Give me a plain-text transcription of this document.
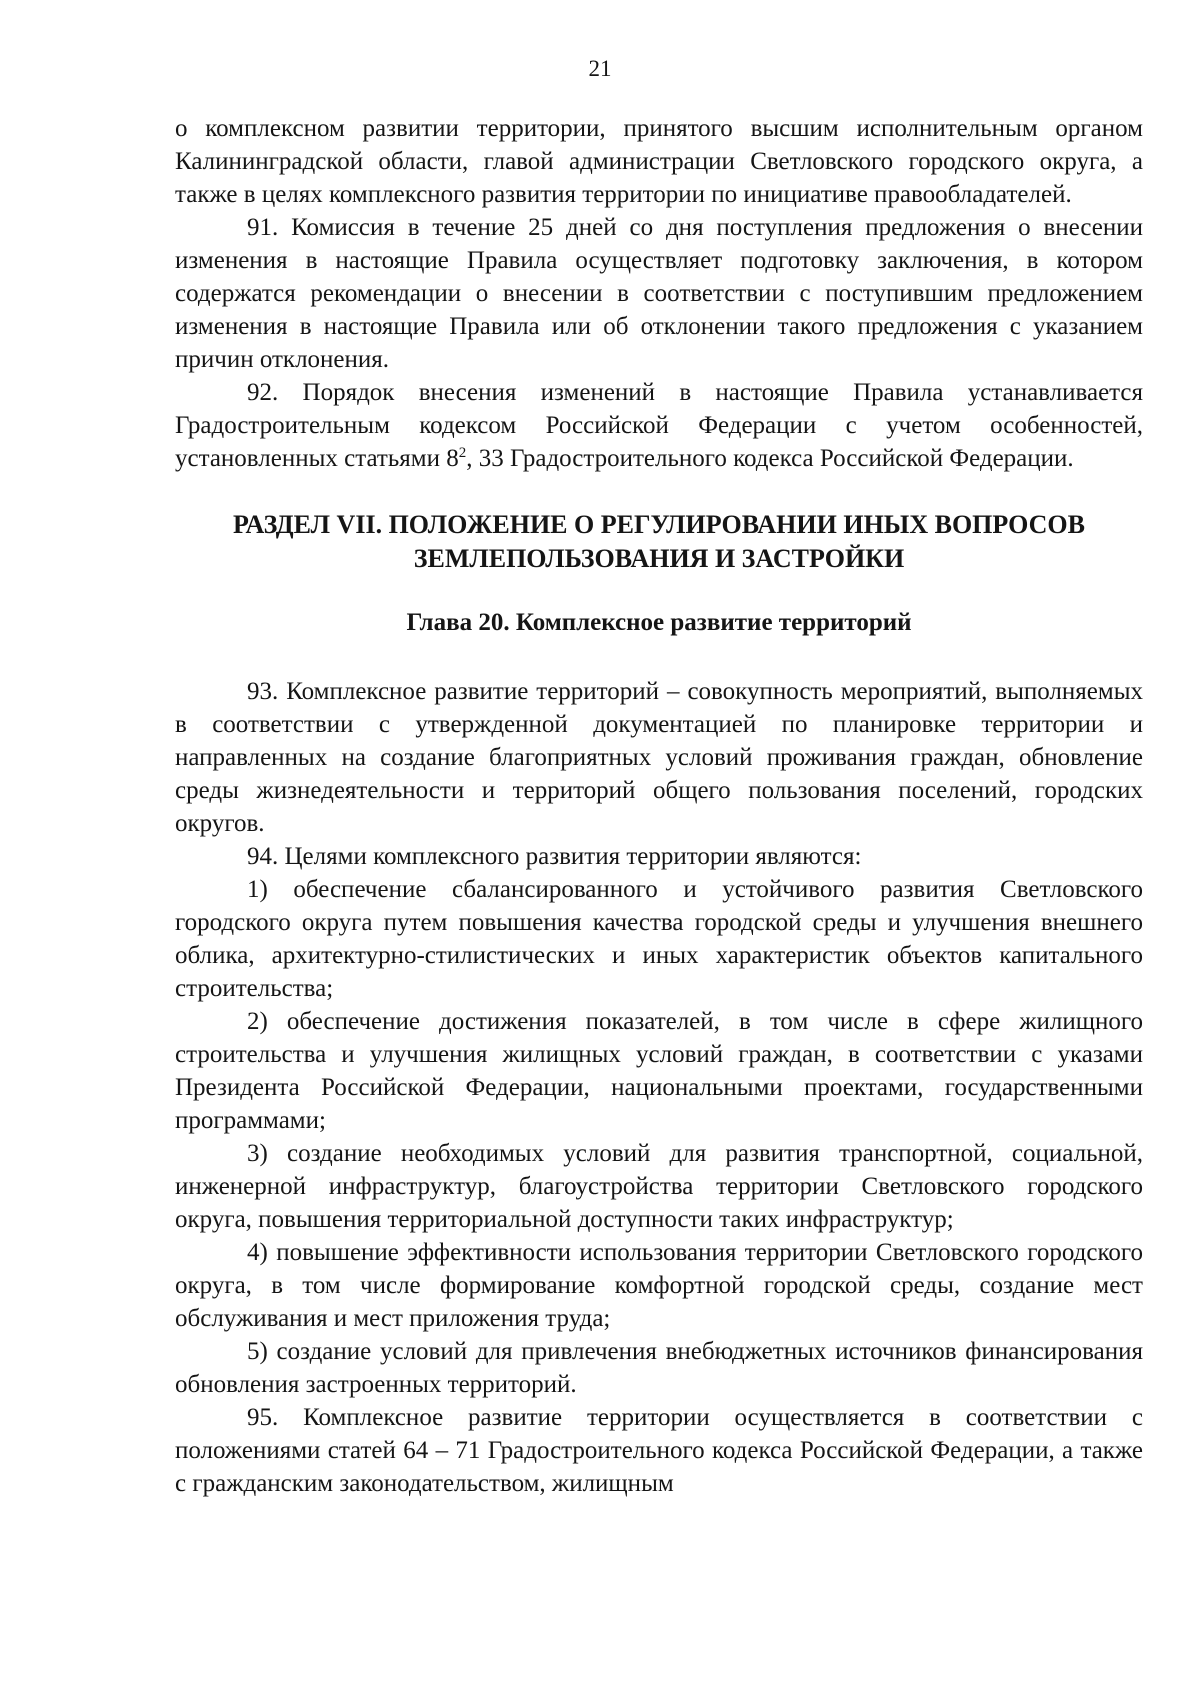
21

о комплексном развитии территории, принятого высшим исполнительным органом Калининградской области, главой администрации Светловского городского округа, а также в целях комплексного развития территории по инициативе правообладателей.

91. Комиссия в течение 25 дней со дня поступления предложения о внесении изменения в настоящие Правила осуществляет подготовку заключения, в котором содержатся рекомендации о внесении в соответствии с поступившим предложением изменения в настоящие Правила или об отклонении такого предложения с указанием причин отклонения.

92. Порядок внесения изменений в настоящие Правила устанавливается Градостроительным кодексом Российской Федерации с учетом особенностей, установленных статьями $8^2$, 33 Градостроительного кодекса Российской Федерации.

РАЗДЕЛ VII. ПОЛОЖЕНИЕ О РЕГУЛИРОВАНИИ ИНЫХ ВОПРОСОВ
ЗЕМЛЕПОЛЬЗОВАНИЯ И ЗАСТРОЙКИ
Глава 20. Комплексное развитие территорий

93. Комплексное развитие территорий – совокупность мероприятий, выполняемых в соответствии с утвержденной документацией по планировке территории и направленных на создание благоприятных условий проживания граждан, обновление среды жизнедеятельности и территорий общего пользования поселений, городских округов.

94. Целями комплексного развития территории являются:

1) обеспечение сбалансированного и устойчивого развития Светловского городского округа путем повышения качества городской среды и улучшения внешнего облика, архитектурно-стилистических и иных характеристик объектов капитального строительства;

2) обеспечение достижения показателей, в том числе в сфере жилищного строительства и улучшения жилищных условий граждан, в соответствии с указами Президента Российской Федерации, национальными проектами, государственными программами;

3) создание необходимых условий для развития транспортной, социальной, инженерной инфраструктур, благоустройства территории Светловского городского округа, повышения территориальной доступности таких инфраструктур;

4) повышение эффективности использования территории Светловского городского округа, в том числе формирование комфортной городской среды, создание мест обслуживания и мест приложения труда;

5) создание условий для привлечения внебюджетных источников финансирования обновления застроенных территорий.

95. Комплексное развитие территории осуществляется в соответствии с положениями статей 64 – 71 Градостроительного кодекса Российской Федерации, а также с гражданским законодательством, жилищным
